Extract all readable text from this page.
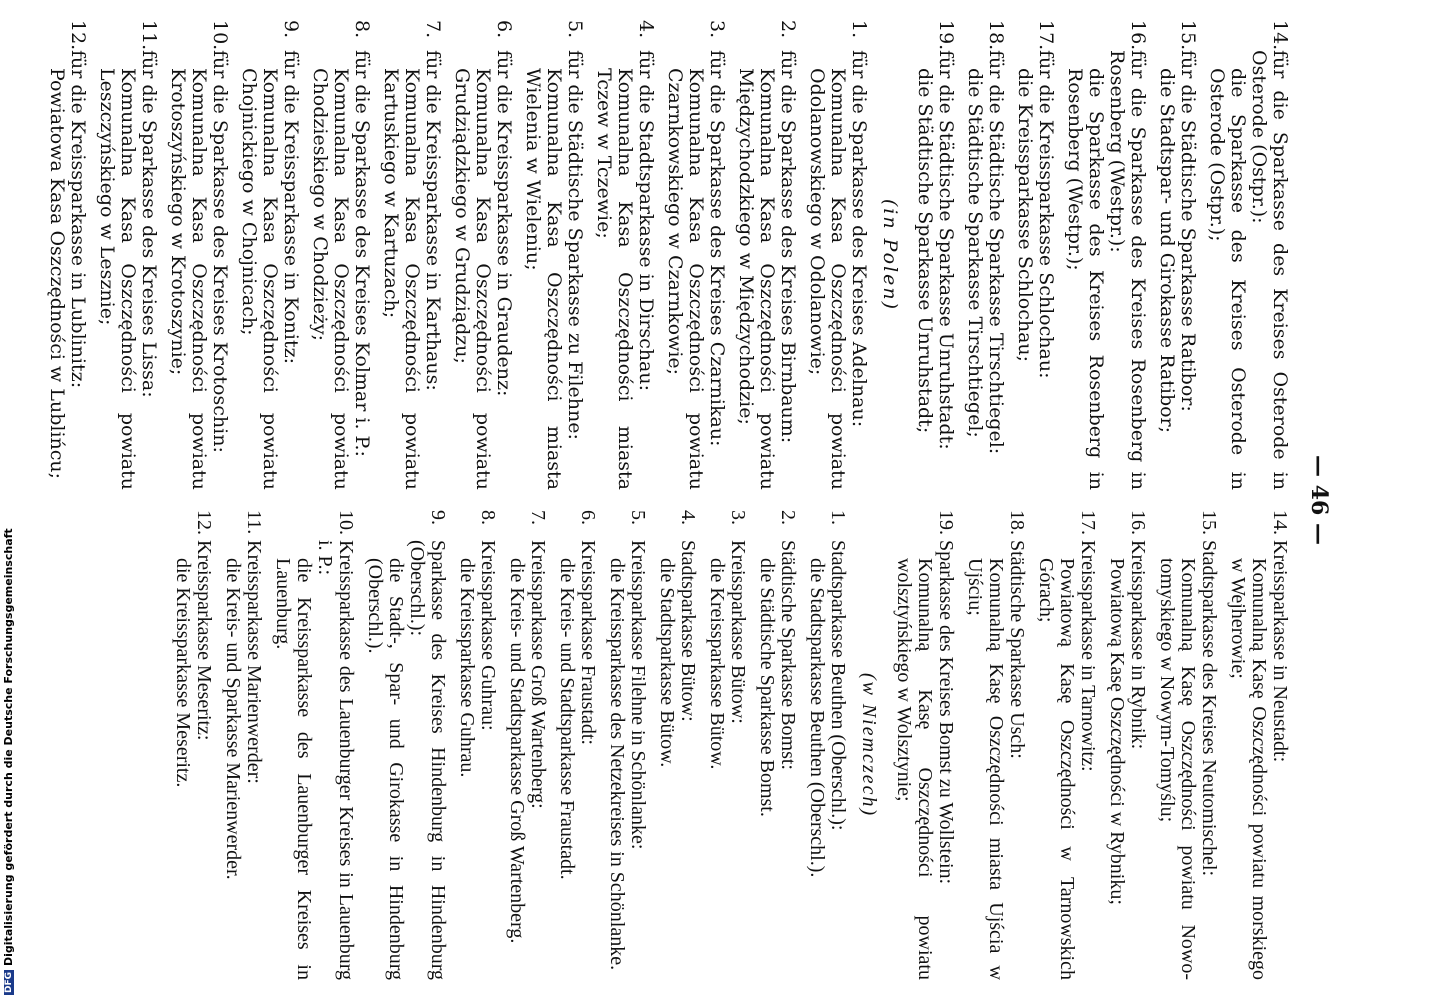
DFGDigitalisierung gefördert durch die Deutsche Forschungsgemeinschaft
— 46 —
14.
für die Sparkasse des Kreises Osterode in Osterode (Ostpr.):
die Sparkasse des Kreises Osterode in Osterode (Ostpr.);
15.
für die Städtische Sparkasse Ratibor:
die Stadtspar- und Girokasse Ratibor;
16.
für die Sparkasse des Kreises Rosenberg in Rosenberg (Westpr.):
die Sparkasse des Kreises Rosenberg in Rosenberg (Westpr.);
17.
für die Kreissparkasse Schlochau:
die Kreissparkasse Schlochau;
18.
für die Städtische Sparkasse Tirschtiegel:
die Städtische Sparkasse Tirschtiegel;
19.
für die Städtische Sparkasse Unruhstadt:
die Städtische Sparkasse Unruhstadt;
(in Polen)
1.
für die Sparkasse des Kreises Adelnau:
Komunalna Kasa Oszczędności powiatu Odolanowskiego w Odolanowie;
2.
für die Sparkasse des Kreises Birnbaum:
Komunalna Kasa Oszczędności powiatu Międzychodzkiego w Międzychodzie;
3.
für die Sparkasse des Kreises Czarnikau:
Komunalna Kasa Oszczędności powiatu Czarnkowskiego w Czarnkowie;
4.
für die Stadtsparkasse in Dirschau:
Komunalna Kasa Oszczędności miasta Tczew w Tczewie;
5.
für die Städtische Sparkasse zu Filehne:
Komunalna Kasa Oszczędności miasta Wielenia w Wieleniu;
6.
für die Kreissparkasse in Graudenz:
Komunalna Kasa Oszczędności powiatu Grudziądzkiego w Grudziądzu;
7.
für die Kreissparkasse in Karthaus:
Komunalna Kasa Oszczędności powiatu Kartuskiego w Kartuzach;
8.
für die Sparkasse des Kreises Kolmar i. P.:
Komunalna Kasa Oszczędności powiatu Chodzieskiego w Chodzieży;
9.
für die Kreissparkasse in Konitz:
Komunalna Kasa Oszczędności powiatu Chojnickiego w Chojnicach;
10.
für die Sparkasse des Kreises Krotoschin:
Komunalna Kasa Oszczędności powiatu Krotoszyńskiego w Krotoszynie;
11.
für die Sparkasse des Kreises Lissa:
Komunalna Kasa Oszczędności powiatu Leszczyńskiego w Lesznie;
12.
für die Kreissparkasse in Lublinitz:
Powiatowa Kasa Oszczędności w Lublińcu;
14.
Kreissparkasse in Neustadt:
Komunalną Kasę Oszczędności powiatu morskiego w Wejherowie;
15.
Stadtsparkasse des Kreises Neutomischel:
Komunalną Kasę Oszczędności powiatu Nowo-tomyskiego w Nowym-Tomyślu;
16.
Kreissparkasse in Rybnik:
Powiatową Kasę Oszczędności w Rybniku;
17.
Kreissparkasse in Tarnowitz:
Powiatową Kasę Oszczędności w Tarnowskich Górach;
18.
Städtische Sparkasse Usch:
Komunalną Kasę Oszczędności miasta Ujścia w Ujściu;
19.
Sparkasse des Kreises Bomst zu Wollstein:
Komunalną Kasę Oszczędności powiatu wolsztyńskiego w Wolsztynie;
(w Niemczech)
1.
Stadtsparkasse Beuthen (Oberschl.):
die Stadtsparkasse Beuthen (Oberschl.).
2.
Städtische Sparkasse Bomst:
die Städtische Sparkasse Bomst.
3.
Kreissparkasse Bütow:
die Kreissparkasse Bütow.
4.
Stadtsparkasse Bütow:
die Stadtsparkasse Bütow.
5.
Kreissparkasse Filehne in Schönlanke:
die Kreissparkasse des Netzekreises in Schönlanke.
6.
Kreissparkasse Fraustadt:
die Kreis- und Stadtsparkasse Fraustadt.
7.
Kreissparkasse Groß Wartenberg:
die Kreis- und Stadtsparkasse Groß Wartenberg.
8.
Kreissparkasse Guhrau:
die Kreissparkasse Guhrau.
9.
Sparkasse des Kreises Hindenburg in Hindenburg (Oberschl.):
die Stadt-, Spar- und Girokasse in Hindenburg (Oberschl.).
10.
Kreissparkasse des Lauenburger Kreises in Lauenburg i. P.:
die Kreissparkasse des Lauenburger Kreises in Lauenburg.
11.
Kreissparkasse Marienwerder:
die Kreis- und Sparkasse Marienwerder.
12.
Kreissparkasse Meseritz:
die Kreissparkasse Meseritz.
